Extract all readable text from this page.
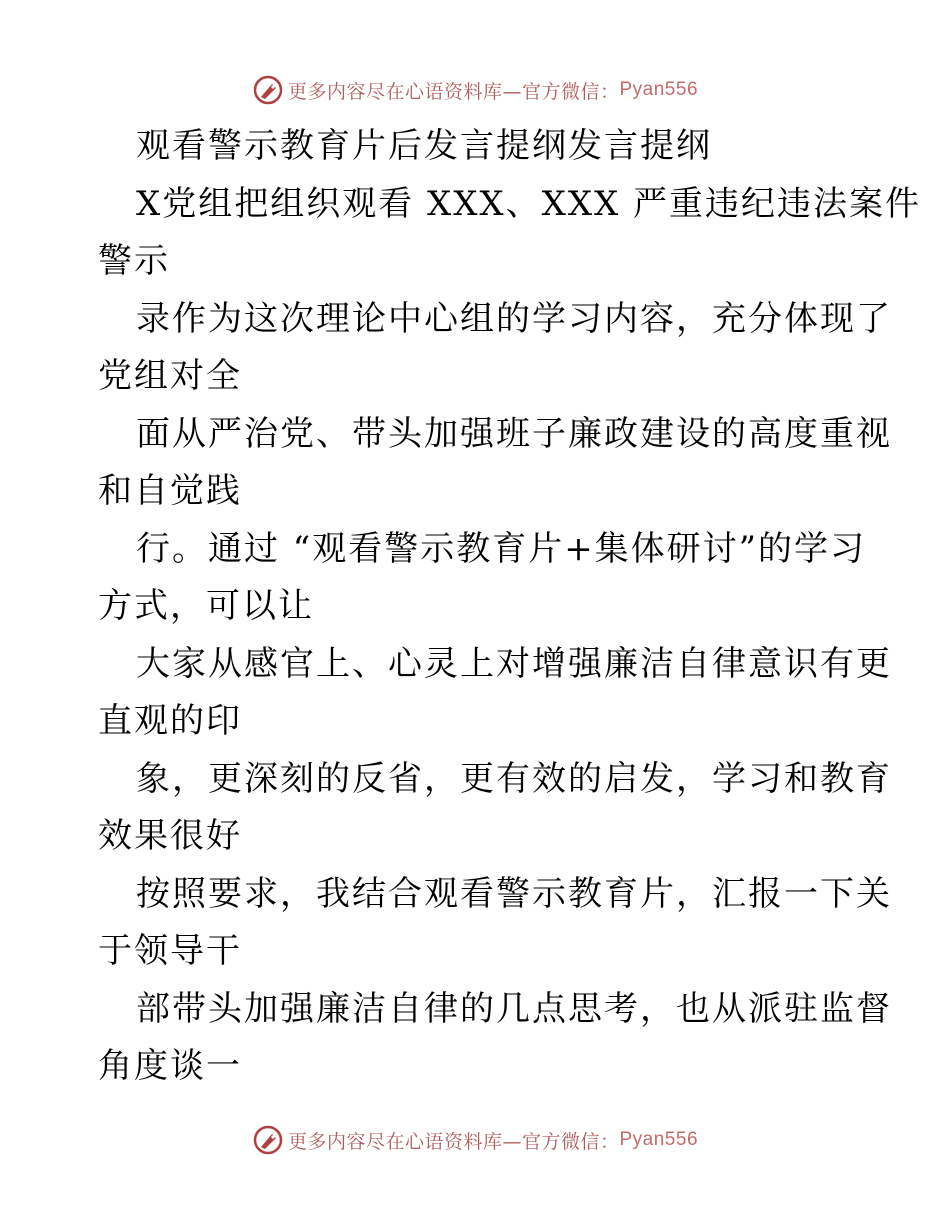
更多内容尽在心语资料库—官方微信： Pyan556
观看警示教育片后发言提纲发言提纲
X党组把组织观看 XXX、XXX 严重违纪违法案件
警示
录作为这次理论中心组的学习内容，充分体现了
党组对全
面从严治党、带头加强班子廉政建设的高度重视
和自觉践
行。通过 “观看警示教育片+集体研讨”的学习
方式，可以让
大家从感官上、心灵上对增强廉洁自律意识有更
直观的印
象，更深刻的反省，更有效的启发，学习和教育
效果很好
按照要求，我结合观看警示教育片，汇报一下关
于领导干
部带头加强廉洁自律的几点思考，也从派驻监督
角度谈一
更多内容尽在心语资料库—官方微信： Pyan556
